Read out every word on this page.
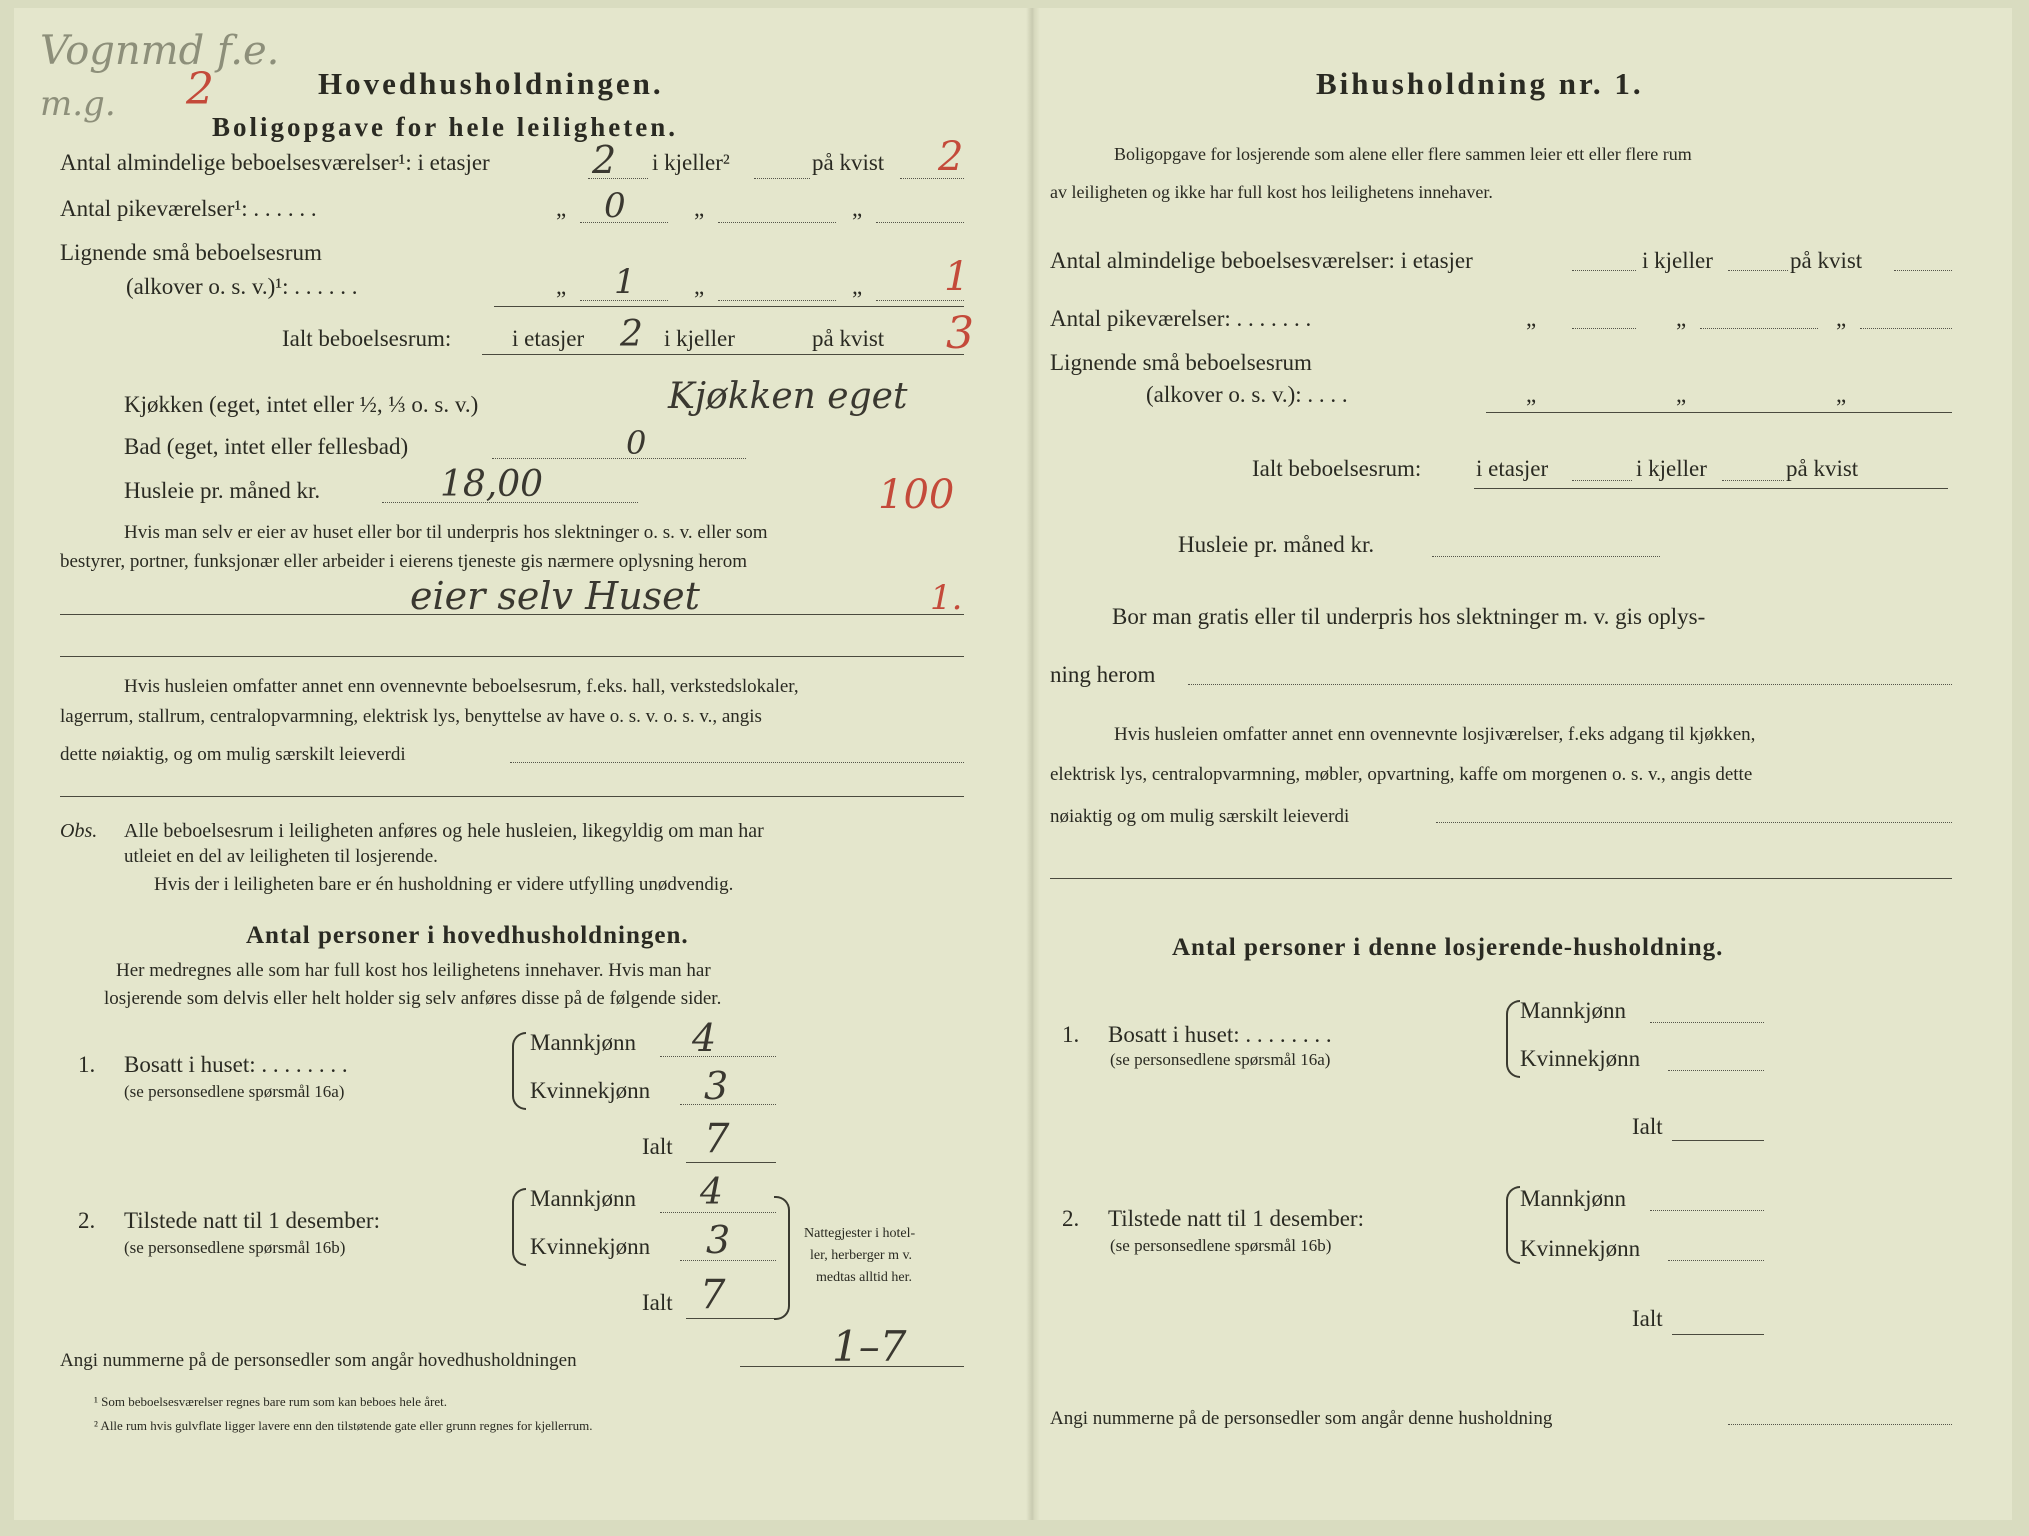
Vognmd f.e.
m.g. 2	Hovedhusholdningen.
Boligopgave for hele leiligheten.
Antal almindelige beboelsesværelser¹: i etasjer	2 i kjeller²	på kvist 2
Antal pikeværelser¹: . . . . . .	„ 0	„	„
Lignende små beboelsesrum
(alkover o. s. v.)¹: . . . . . .	„ 1	„	„ 1
Ialt beboelsesrum:	i etasjer 2 i kjeller	på kvist 3
Kjøkken (eget, intet eller ½, ⅓ o. s. v.)	Kjøkken eget
Bad (eget, intet eller fellesbad)	0
Husleie pr. måned kr.	18,00	100
Hvis man selv er eier av huset eller bor til underpris hos slektninger o. s. v. eller som
bestyrer, portner, funksjonær eller arbeider i eierens tjeneste gis nærmere oplysning herom
eier selv Huset	1.
Hvis husleien omfatter annet enn ovennevnte beboelsesrum, f.eks. hall, verkstedslokaler,
lagerrum, stallrum, centralopvarmning, elektrisk lys, benyttelse av have o. s. v. o. s. v., angis
dette nøiaktig, og om mulig særskilt leieverdi
Obs. Alle beboelsesrum i leiligheten anføres og hele husleien, likegyldig om man har
utleiet en del av leiligheten til losjerende.
Hvis der i leiligheten bare er én husholdning er videre utfylling unødvendig.
Antal personer i hovedhusholdningen.
Her medregnes alle som har full kost hos leilighetens innehaver. Hvis man har
losjerende som delvis eller helt holder sig selv anføres disse på de følgende sider.
1. Bosatt i huset: . . . . . . . .
(se personsedlene spørsmål 16a)
Mannkjønn 4
Kvinnekjønn 3
Ialt 7
2. Tilstede natt til 1 desember:
(se personsedlene spørsmål 16b)
Mannkjønn 4
Kvinnekjønn 3
Ialt 7
Nattegjester i hotel-
ler, herberger m v.
medtas alltid her.
Angi nummerne på de personsedler som angår hovedhusholdningen	1–7
¹ Som beboelsesværelser regnes bare rum som kan beboes hele året.
² Alle rum hvis gulvflate ligger lavere enn den tilstøtende gate eller grunn regnes for kjellerrum.
Bihusholdning nr. 1.
Boligopgave for losjerende som alene eller flere sammen leier ett eller flere rum
av leiligheten og ikke har full kost hos leilighetens innehaver.
Antal almindelige beboelsesværelser: i etasjer	i kjeller	på kvist
Antal pikeværelser: . . . . . . .	„	„	„
Lignende små beboelsesrum
(alkover o. s. v.): . . . .	„	„	„
Ialt beboelsesrum: i etasjer	i kjeller	på kvist
Husleie pr. måned kr.
Bor man gratis eller til underpris hos slektninger m. v. gis oplys-
ning herom
Hvis husleien omfatter annet enn ovennevnte losjiværelser, f.eks adgang til kjøkken,
elektrisk lys, centralopvarmning, møbler, opvartning, kaffe om morgenen o. s. v., angis dette
nøiaktig og om mulig særskilt leieverdi
Antal personer i denne losjerende-husholdning.
1. Bosatt i huset: . . . . . . . .
(se personsedlene spørsmål 16a)
Mannkjønn
Kvinnekjønn
Ialt
2. Tilstede natt til 1 desember:
(se personsedlene spørsmål 16b)
Mannkjønn
Kvinnekjønn
Ialt
Angi nummerne på de personsedler som angår denne husholdning
